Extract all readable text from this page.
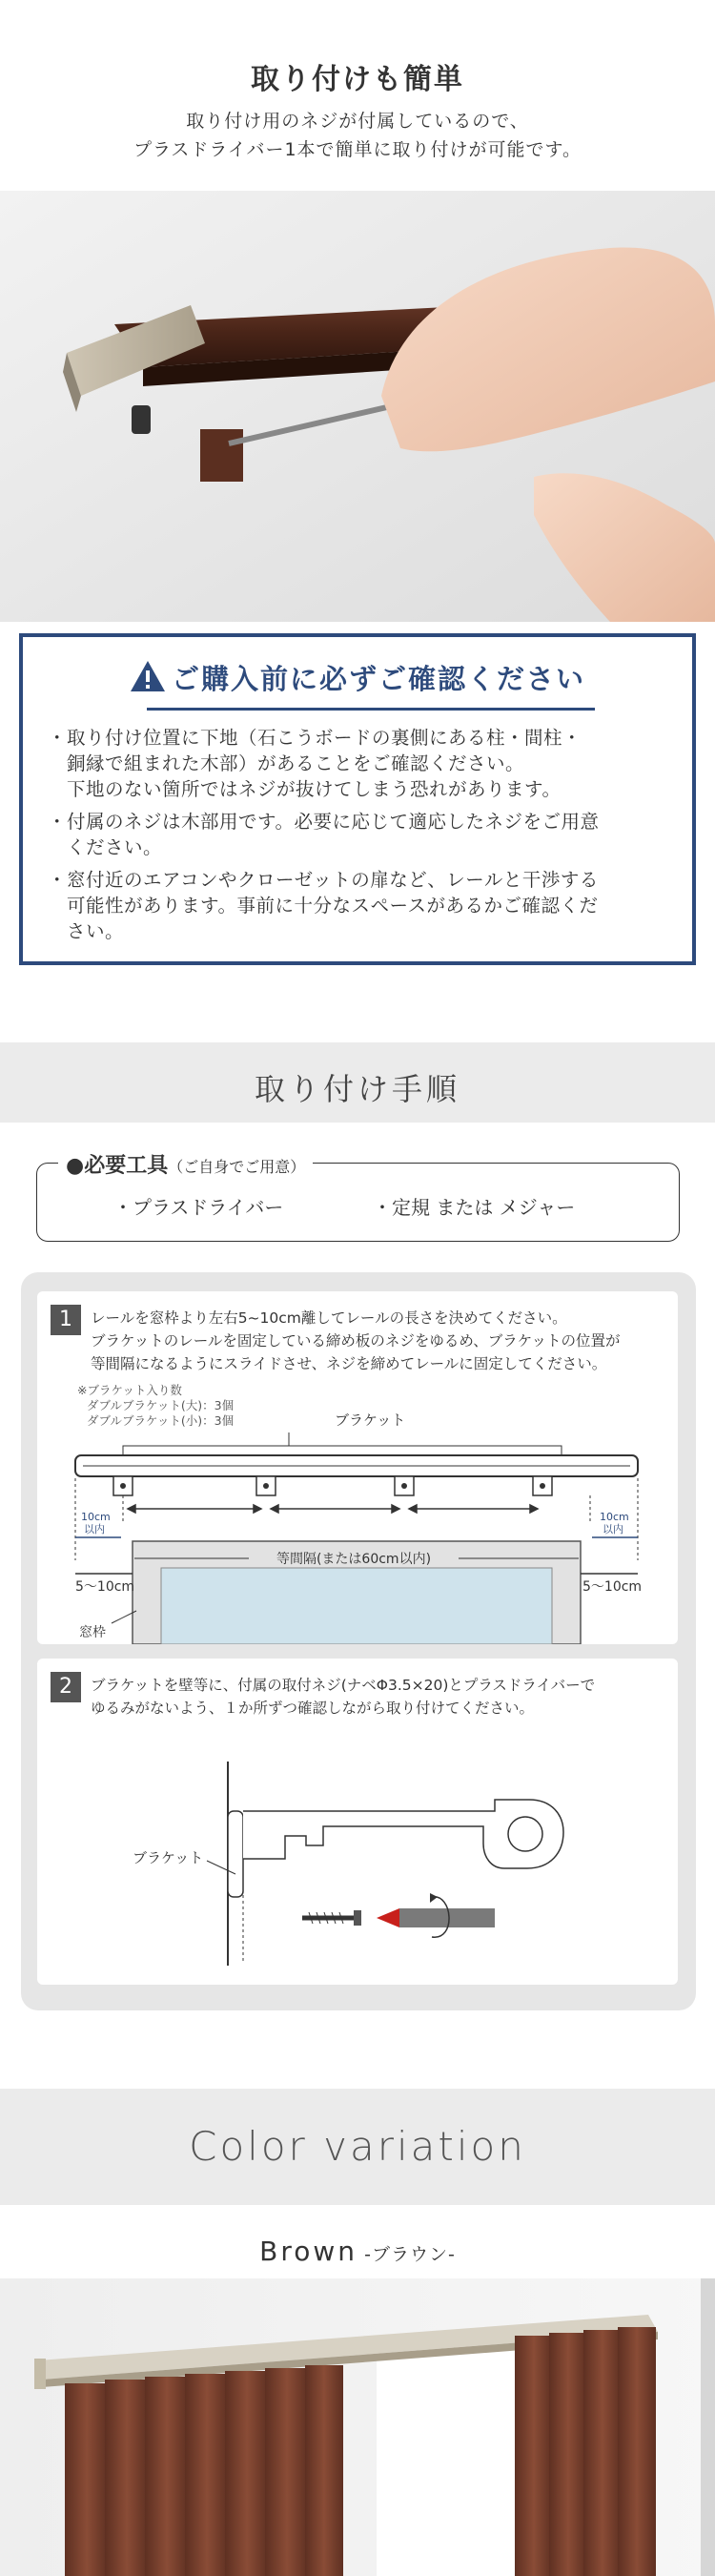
取り付けも簡単
取り付け用のネジが付属しているので、
プラスドライバー1本で簡単に取り付けが可能です。
ご購入前に必ずご確認ください
・取り付け位置に下地（石こうボードの裏側にある柱・間柱・
　銅縁で組まれた木部）があることをご確認ください。
　下地のない箇所ではネジが抜けてしまう恐れがあります。
・付属のネジは木部用です。必要に応じて適応したネジをご用意
　ください。
・窓付近のエアコンやクローゼットの扉など、レールと干渉する
　可能性があります。事前に十分なスペースがあるかご確認くだ
　さい。
取り付け手順
●必要工具（ご自身でご用意）
・プラスドライバー	・定規 または メジャー
1	レールを窓枠より左右5~10cm離してレールの長さを決めてください。
ブラケットのレールを固定している締め板のネジをゆるめ、ブラケットの位置が
等間隔になるようにスライドさせ、ネジを締めてレールに固定してください。
※ブラケット入り数
ダブルブラケット(大)：3個
ダブルブラケット(小)：3個	ブラケット
10cm
以内
10cm
以内
等間隔(または60cm以内)
5～10cm	5～10cm
窓枠
2	ブラケットを壁等に、付属の取付ネジ(ナベΦ3.5×20)とプラスドライバーで
ゆるみがないよう、１か所ずつ確認しながら取り付けてください。
ブラケット
Color variation
Brown -ブラウン-
